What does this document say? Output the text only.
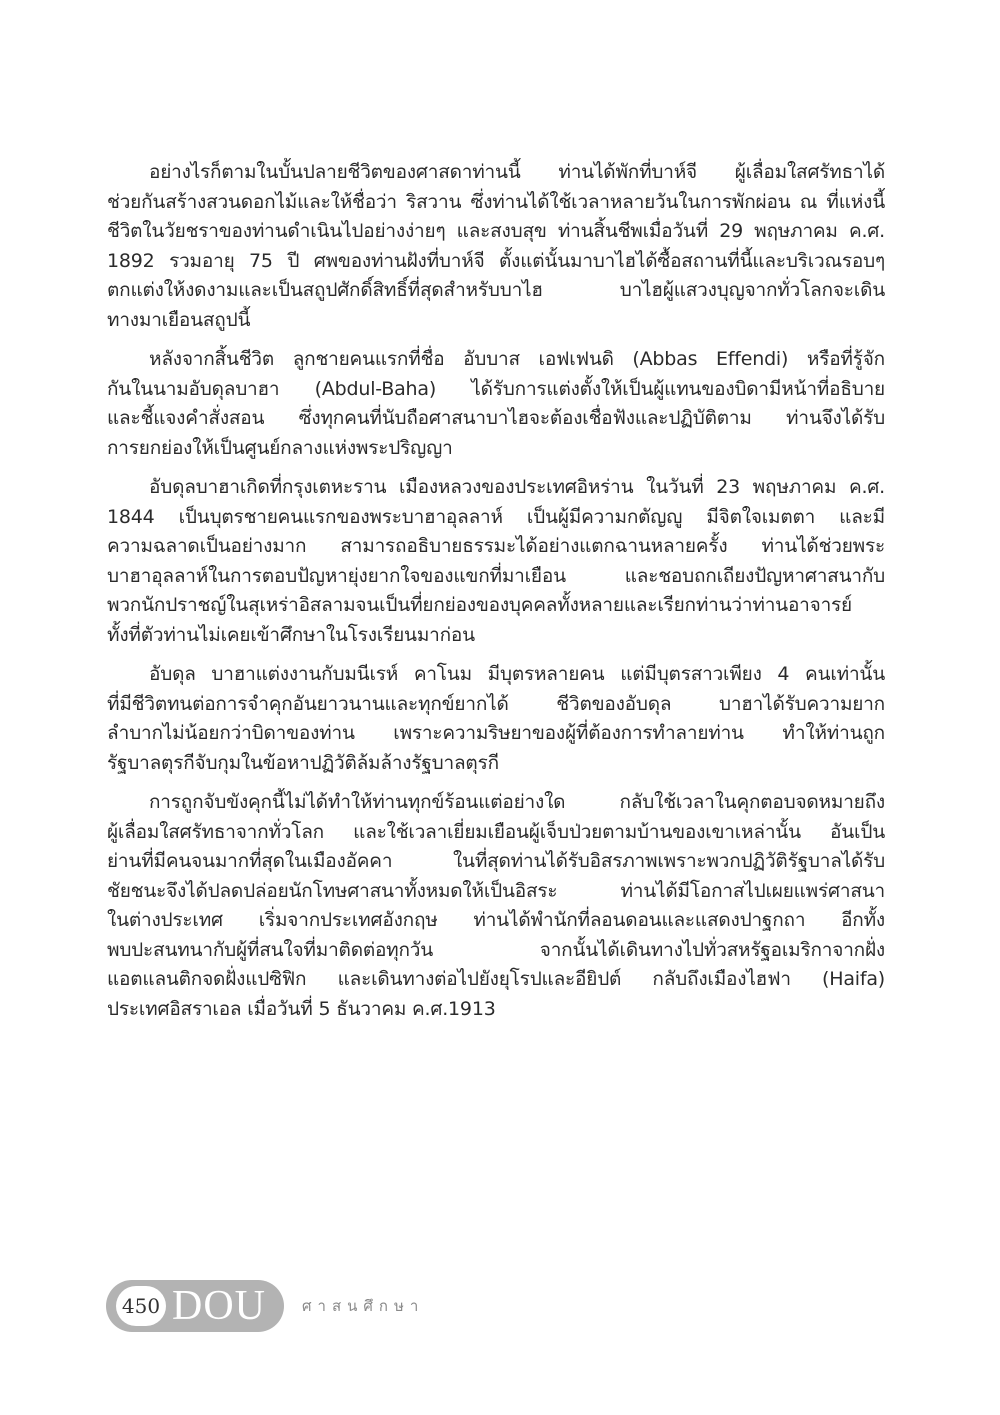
อย่างไรก็ตามในบั้นปลายชีวิตของศาสดาท่านนี้ ท่านได้พักที่บาห์จี ผู้เลื่อมใสศรัทธาได้
ช่วยกันสร้างสวนดอกไม้และให้ชื่อว่า ริสวาน ซึ่งท่านได้ใช้เวลาหลายวันในการพักผ่อน ณ ที่แห่งนี้
ชีวิตในวัยชราของท่านดำเนินไปอย่างง่ายๆ และสงบสุข ท่านสิ้นชีพเมื่อวันที่ 29 พฤษภาคม ค.ศ.
1892 รวมอายุ 75 ปี ศพของท่านฝังที่บาห์จี ตั้งแต่นั้นมาบาไฮได้ซื้อสถานที่นี้และบริเวณรอบๆ
ตกแต่งให้งดงามและเป็นสถูปศักดิ์สิทธิ์ที่สุดสำหรับบาไฮ บาไฮผู้แสวงบุญจากทั่วโลกจะเดิน
ทางมาเยือนสถูปนี้
หลังจากสิ้นชีวิต ลูกชายคนแรกที่ชื่อ อับบาส เอฟเฟนดิ (Abbas Effendi) หรือที่รู้จัก
กันในนามอับดุลบาฮา (Abdul-Baha) ได้รับการแต่งตั้งให้เป็นผู้แทนของบิดามีหน้าที่อธิบาย
และชี้แจงคำสั่งสอน ซึ่งทุกคนที่นับถือศาสนาบาไฮจะต้องเชื่อฟังและปฏิบัติตาม ท่านจึงได้รับ
การยกย่องให้เป็นศูนย์กลางแห่งพระปริญญา
อับดุลบาฮาเกิดที่กรุงเตหะราน เมืองหลวงของประเทศอิหร่าน ในวันที่ 23 พฤษภาคม ค.ศ.
1844 เป็นบุตรชายคนแรกของพระบาฮาอุลลาห์ เป็นผู้มีความกตัญญู มีจิตใจเมตตา และมี
ความฉลาดเป็นอย่างมาก สามารถอธิบายธรรมะได้อย่างแตกฉานหลายครั้ง ท่านได้ช่วยพระ
บาฮาอุลลาห์ในการตอบปัญหายุ่งยากใจของแขกที่มาเยือน และชอบถกเถียงปัญหาศาสนากับ
พวกนักปราชญ์ในสุเหร่าอิสลามจนเป็นที่ยกย่องของบุคคลทั้งหลายและเรียกท่านว่าท่านอาจารย์
ทั้งที่ตัวท่านไม่เคยเข้าศึกษาในโรงเรียนมาก่อน
อับดุล บาฮาแต่งงานกับมนีเรห์ คาโนม มีบุตรหลายคน แต่มีบุตรสาวเพียง 4 คนเท่านั้น
ที่มีชีวิตทนต่อการจำคุกอันยาวนานและทุกข์ยากได้ ชีวิตของอับดุล บาฮาได้รับความยาก
ลำบากไม่น้อยกว่าบิดาของท่าน เพราะความริษยาของผู้ที่ต้องการทำลายท่าน ทำให้ท่านถูก
รัฐบาลตุรกีจับกุมในข้อหาปฏิวัติล้มล้างรัฐบาลตุรกี
การถูกจับขังคุกนี้ไม่ได้ทำให้ท่านทุกข์ร้อนแต่อย่างใด กลับใช้เวลาในคุกตอบจดหมายถึง
ผู้เลื่อมใสศรัทธาจากทั่วโลก และใช้เวลาเยี่ยมเยือนผู้เจ็บป่วยตามบ้านของเขาเหล่านั้น อันเป็น
ย่านที่มีคนจนมากที่สุดในเมืองอัคคา ในที่สุดท่านได้รับอิสรภาพเพราะพวกปฏิวัติรัฐบาลได้รับ
ชัยชนะจึงได้ปลดปล่อยนักโทษศาสนาทั้งหมดให้เป็นอิสระ ท่านได้มีโอกาสไปเผยแพร่ศาสนา
ในต่างประเทศ เริ่มจากประเทศอังกฤษ ท่านได้พำนักที่ลอนดอนและแสดงปาฐกถา อีกทั้ง
พบปะสนทนากับผู้ที่สนใจที่มาติดต่อทุกวัน จากนั้นได้เดินทางไปทั่วสหรัฐอเมริกาจากฝั่ง
แอตแลนติกจดฝั่งแปซิฟิก และเดินทางต่อไปยังยุโรปและอียิปต์ กลับถึงเมืองไฮฟา (Haifa)
ประเทศอิสราเอล เมื่อวันที่ 5 ธันวาคม ค.ศ.1913
450 DOU ศาสนศึกษา
